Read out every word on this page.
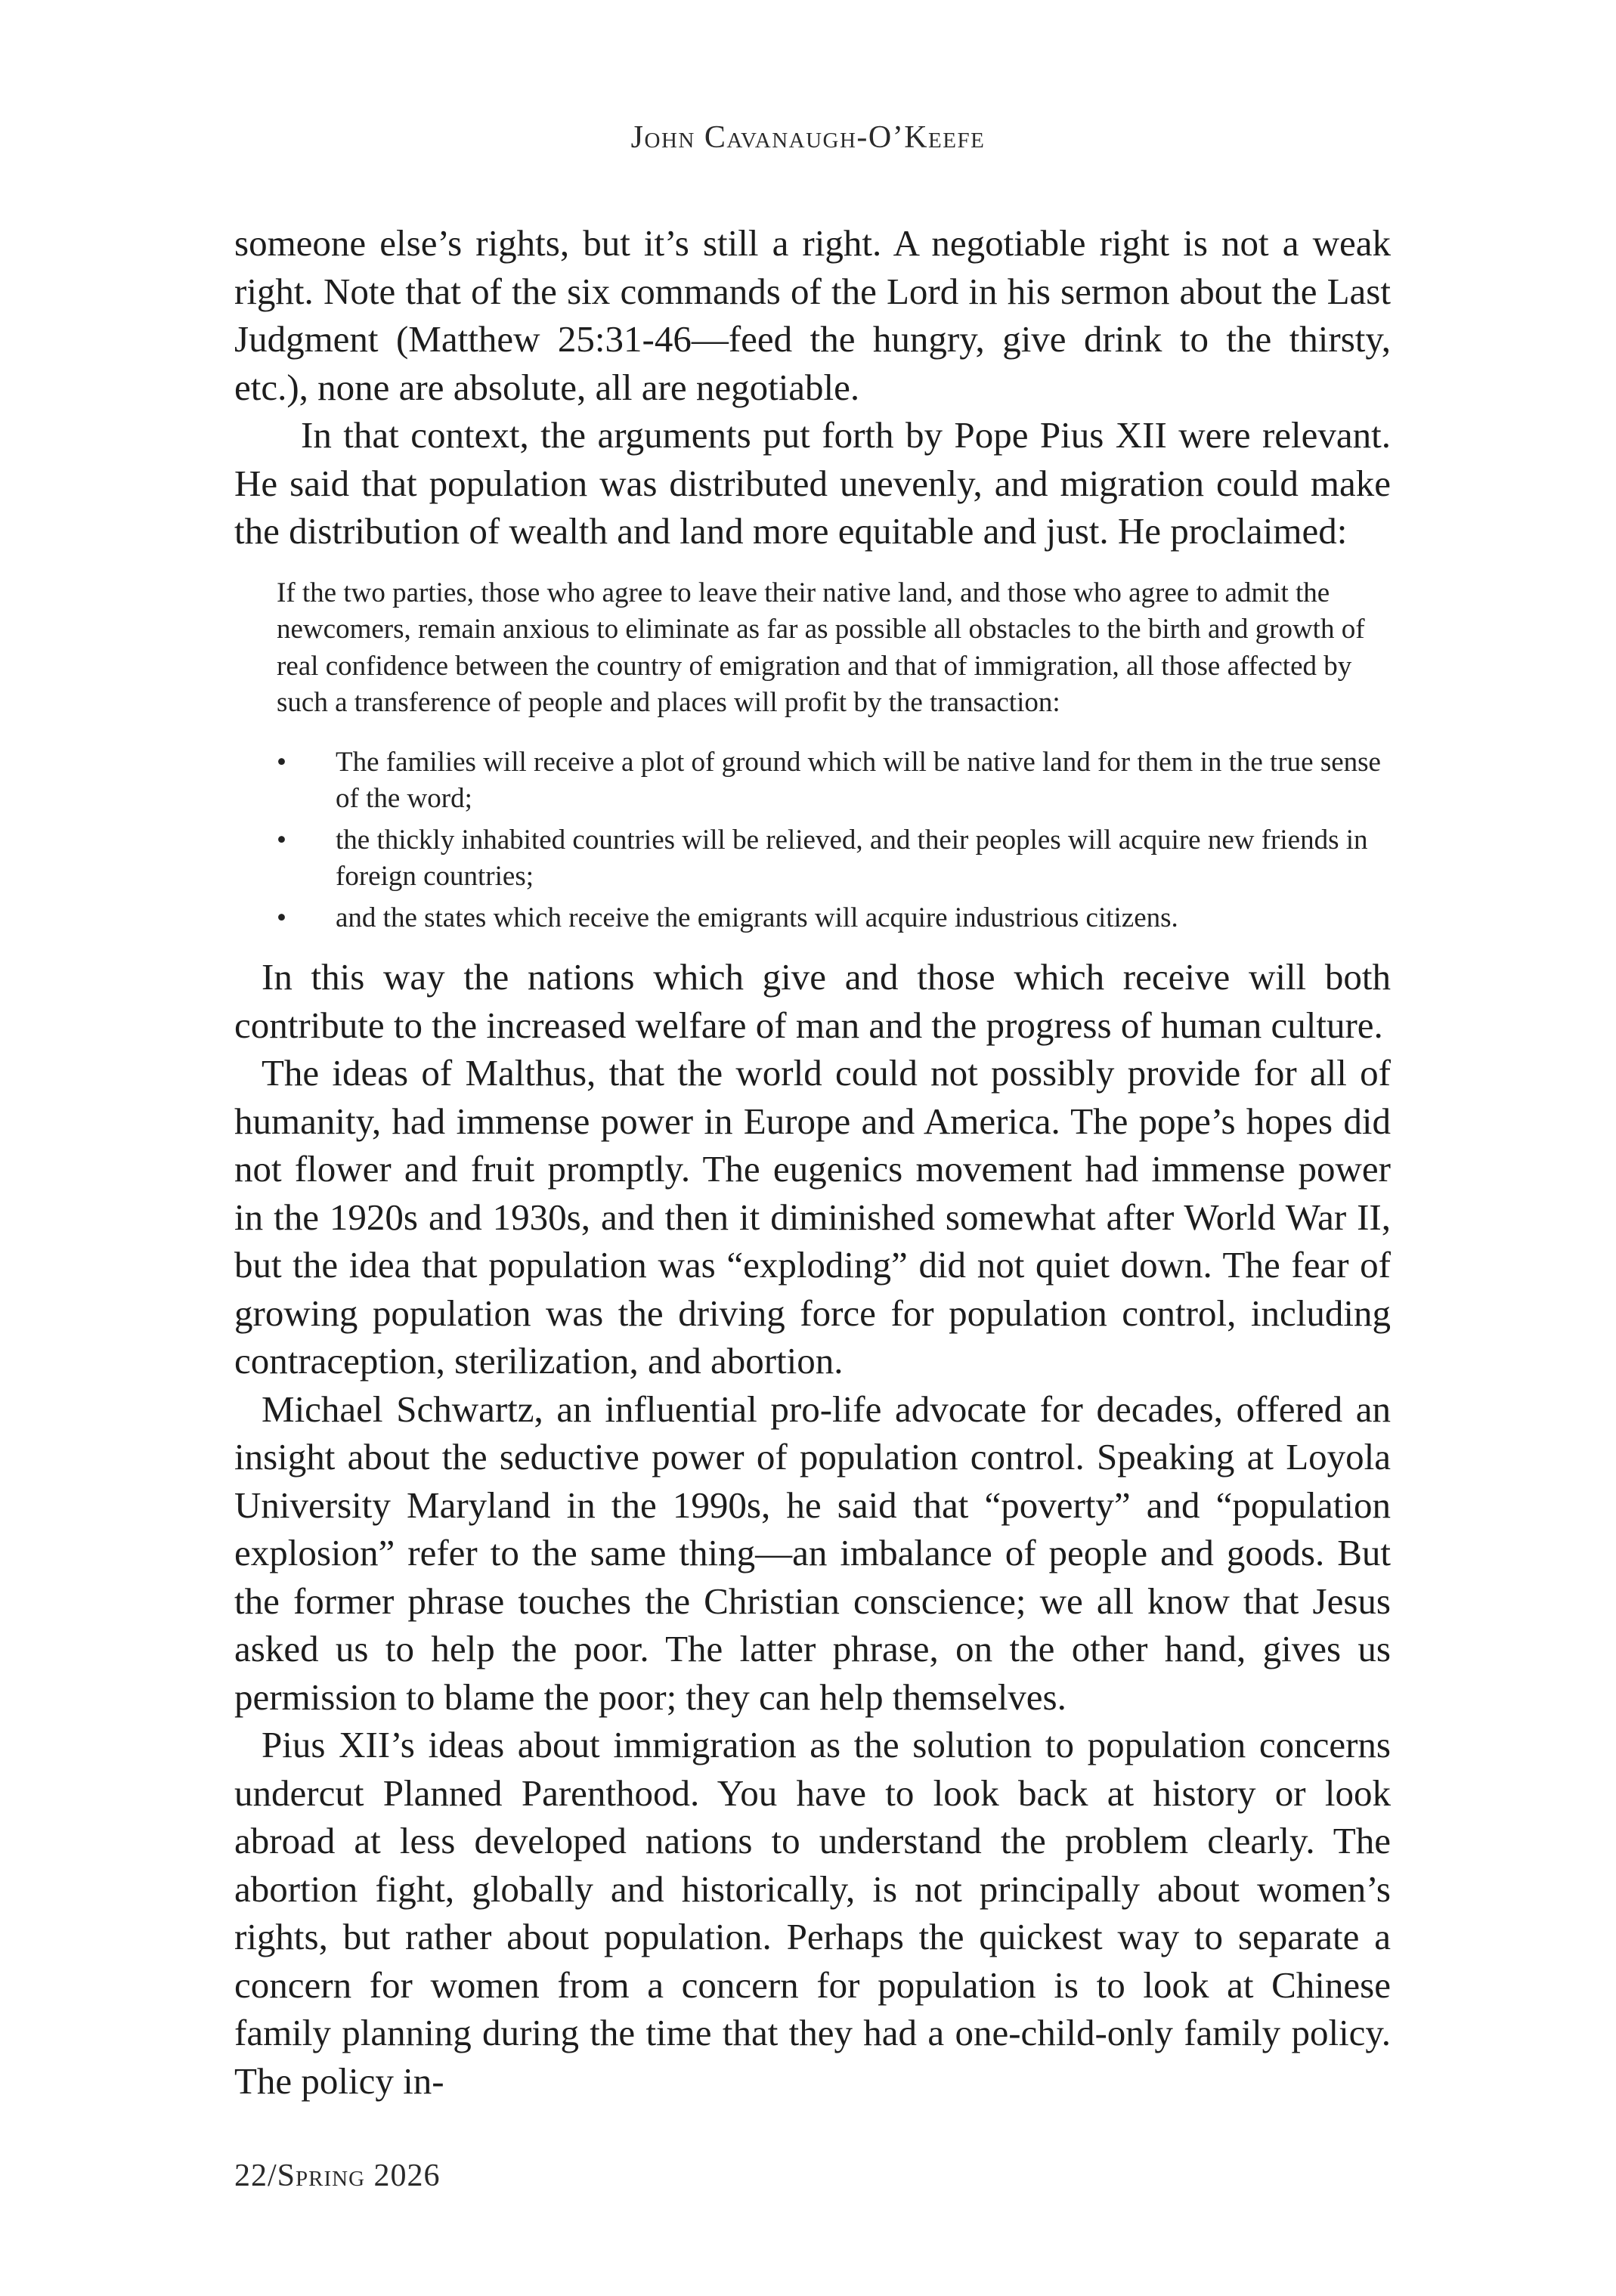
John Cavanaugh-O’Keefe

someone else’s rights, but it’s still a right. A negotiable right is not a weak right. Note that of the six commands of the Lord in his sermon about the Last Judgment (Matthew 25:31-46—feed the hungry, give drink to the thirsty, etc.), none are absolute, all are negotiable.

In that context, the arguments put forth by Pope Pius XII were relevant. He said that population was distributed unevenly, and migration could make the distribution of wealth and land more equitable and just. He proclaimed:

If the two parties, those who agree to leave their native land, and those who agree to admit the newcomers, remain anxious to eliminate as far as possible all obstacles to the birth and growth of real confidence between the country of emigration and that of immigration, all those affected by such a transference of people and places will profit by the transaction:

• The families will receive a plot of ground which will be native land for them in the true sense of the word;
• the thickly inhabited countries will be relieved, and their peoples will acquire new friends in foreign countries;
• and the states which receive the emigrants will acquire industrious citizens.

In this way the nations which give and those which receive will both contribute to the increased welfare of man and the progress of human culture.

The ideas of Malthus, that the world could not possibly provide for all of humanity, had immense power in Europe and America. The pope’s hopes did not flower and fruit promptly. The eugenics movement had immense power in the 1920s and 1930s, and then it diminished somewhat after World War II, but the idea that population was “exploding” did not quiet down. The fear of growing population was the driving force for population control, including contraception, sterilization, and abortion.

Michael Schwartz, an influential pro-life advocate for decades, offered an insight about the seductive power of population control. Speaking at Loyola University Maryland in the 1990s, he said that “poverty” and “population explosion” refer to the same thing—an imbalance of people and goods. But the former phrase touches the Christian conscience; we all know that Jesus asked us to help the poor. The latter phrase, on the other hand, gives us permission to blame the poor; they can help themselves.

Pius XII’s ideas about immigration as the solution to population concerns undercut Planned Parenthood. You have to look back at history or look abroad at less developed nations to understand the problem clearly. The abortion fight, globally and historically, is not principally about women’s rights, but rather about population. Perhaps the quickest way to separate a concern for women from a concern for population is to look at Chinese family planning during the time that they had a one-child-only family policy. The policy in-

22/Spring 2026
